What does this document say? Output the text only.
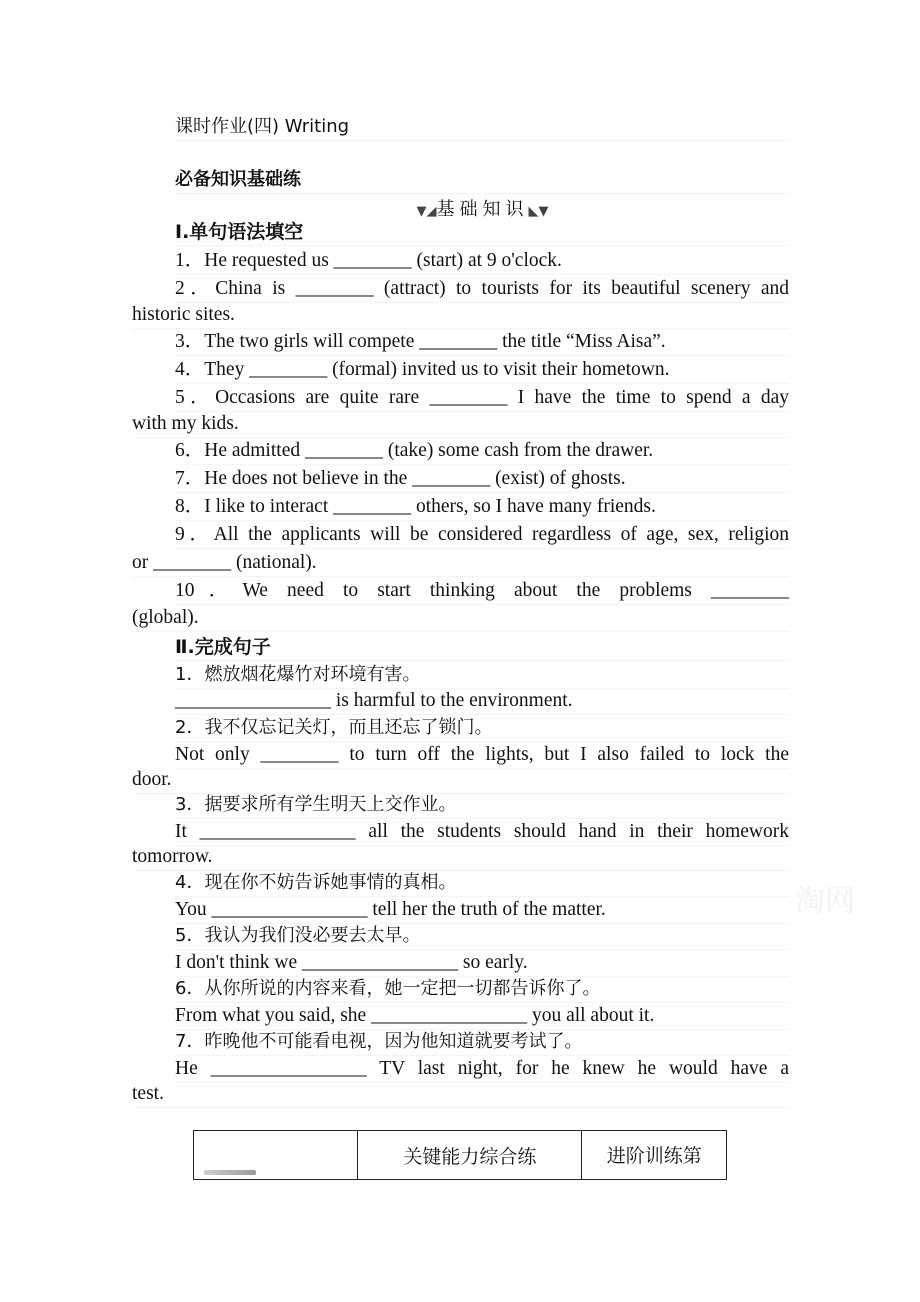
课时作业(四) Writing
必备知识基础练
▼◢基础知识◣▼
Ⅰ.单句语法填空
1．He requested us ________ (start) at 9 o'clock.
2．China is ________ (attract) to tourists for its beautiful scenery and
historic sites.
3．The two girls will compete ________ the title “Miss Aisa”.
4．They ________ (formal) invited us to visit their hometown.
5．Occasions are quite rare ________ I have the time to spend a day
with my kids.
6．He admitted ________ (take) some cash from the drawer.
7．He does not believe in the ________ (exist) of ghosts.
8．I like to interact ________ others, so I have many friends.
9．All the applicants will be considered regardless of age, sex, religion
or ________ (national).
10．We need to start thinking about the problems ________
(global).
Ⅱ.完成句子
1．燃放烟花爆竹对环境有害。
________________ is harmful to the environment.
2．我不仅忘记关灯，而且还忘了锁门。
Not only ________ to turn off the lights, but I also failed to lock the
door.
3．据要求所有学生明天上交作业。
It ________________ all the students should hand in their homework
tomorrow.
4．现在你不妨告诉她事情的真相。
You ________________ tell her the truth of the matter.
5．我认为我们没必要去太早。
I don't think we ________________ so early.
6．从你所说的内容来看，她一定把一切都告诉你了。
From what you said, she ________________ you all about it.
7．昨晚他不可能看电视，因为他知道就要考试了。
He ________________ TV last night, for he knew he would have a
test.
淘网
	关键能力综合练	进阶训练第
